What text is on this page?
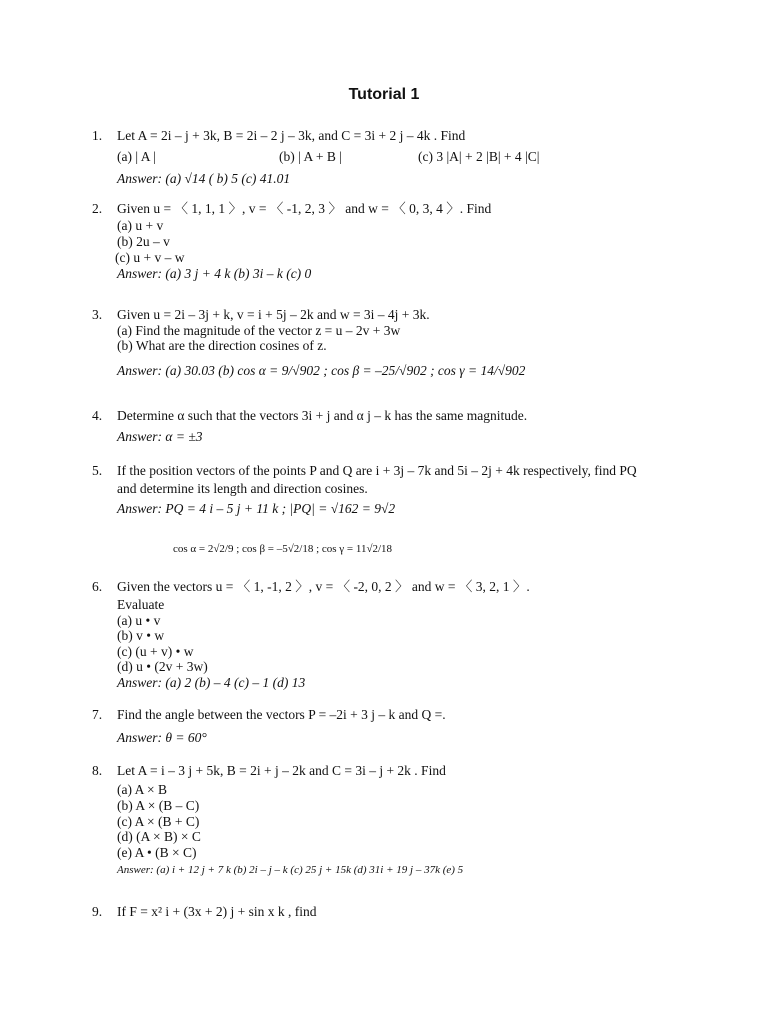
Tutorial 1
1. Let A = 2i – j + 3k, B = 2i – 2 j – 3k, and C = 3i + 2 j – 4k . Find
(a) | A |	(b) | A + B |	(c) 3 |A| + 2 |B| + 4 |C|
Answer: (a) √14 ( b) 5 (c) 41.01
2. Given u = 〈 1, 1, 1 〉, v = 〈 -1, 2, 3 〉 and w = 〈 0, 3, 4 〉. Find
(a) u + v
(b) 2u – v
(c) u + v – w
Answer: (a) 3 j + 4 k (b) 3i – k (c) 0
3. Given u = 2i – 3j + k, v = i + 5j – 2k and w = 3i – 4j + 3k.
(a) Find the magnitude of the vector z = u – 2v + 3w
(b) What are the direction cosines of z.
Answer: (a) 30.03 (b) cos α = 9/√902 ; cos β = –25/√902 ; cos γ = 14/√902
4. Determine α such that the vectors 3i + j and α j – k has the same magnitude.
Answer: α = ±3
5. If the position vectors of the points P and Q are i + 3j – 7k and 5i – 2j + 4k respectively, find PQ
and determine its length and direction cosines.
Answer: PQ = 4 i – 5 j + 11 k ; |PQ| = √162 = 9√2
cos α = 2√2/9 ; cos β = –5√2/18 ; cos γ = 11√2/18
6. Given the vectors u = 〈 1, -1, 2 〉, v = 〈 -2, 0, 2 〉 and w = 〈 3, 2, 1 〉.
Evaluate
(a) u • v
(b) v • w
(c) (u + v) • w
(d) u • (2v + 3w)
Answer: (a) 2 (b) – 4 (c) – 1 (d) 13
7. Find the angle between the vectors P = –2i + 3 j – k and Q =.
Answer: θ = 60°
8. Let A = i – 3 j + 5k, B = 2i + j – 2k and C = 3i – j + 2k . Find
(a) A × B
(b) A × (B – C)
(c) A × (B + C)
(d) (A × B) × C
(e) A • (B × C)
Answer: (a) i + 12 j + 7 k (b) 2i – j – k (c) 25 j + 15k (d) 31i + 19 j – 37k (e) 5
9. If F = x² i + (3x + 2) j + sin x k , find
